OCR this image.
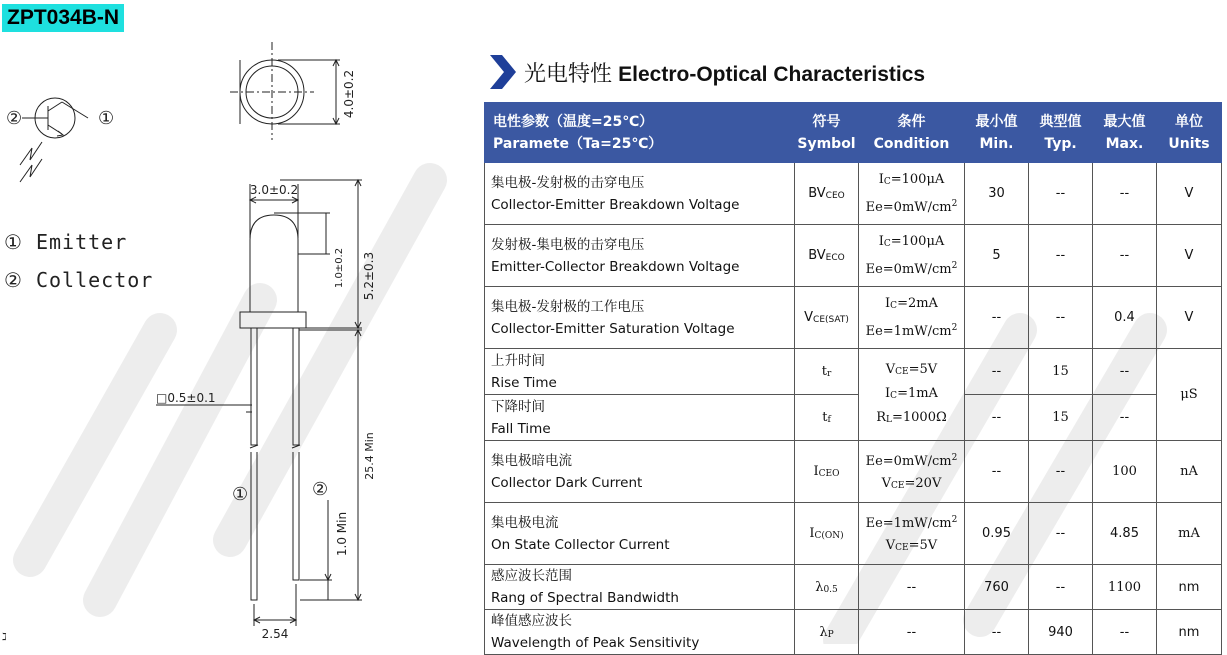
ZPT034B-N
②	①
4.0±0.2
3.0±0.2
1.0±0.2 5.2±0.3
□0.5±0.1
25.4 Min
1.0 Min
2.54
①	②
ℷ
① Emitter
② Collector
光电特性 Electro-Optical Characteristics
电性参数（温度=25℃）
Paramete（Ta=25℃）	符号
Symbol	条件
Condition	最小值
Min.	典型值
Typ.	最大值
Max.	单位
Units

集电极-发射极的击穿电压
Collector-Emitter Breakdown Voltage	BVCEO	IC=100μA
$Ee=0mW/cm^2$	30	--	--	V

发射极-集电极的击穿电压
Emitter-Collector Breakdown Voltage	BVECO	IC=100μA
$Ee=0mW/cm^2$	5	--	--	V

集电极-发射极的工作电压
Collector-Emitter Saturation Voltage	VCE(SAT)	IC=2mA
$Ee=1mW/cm^2$	--	--	0.4	V

上升时间
Rise Time	tr	VCE=5V
IC=1mA
RL=1000Ω	--	15	--	μS

下降时间
Fall Time	tf		--	15	--	

集电极暗电流
Collector Dark Current	ICEO	$Ee=0mW/cm^2$
VCE=20V	--	--	100	nA

集电极电流
On State Collector Current	IC(ON)	$Ee=1mW/cm^2$
VCE=5V	0.95	--	4.85	mA

感应波长范围
Rang of Spectral Bandwidth	λ0.5	--	760	--	1100	nm

峰值感应波长
Wavelength of Peak Sensitivity	λP	--	--	940	--	nm
